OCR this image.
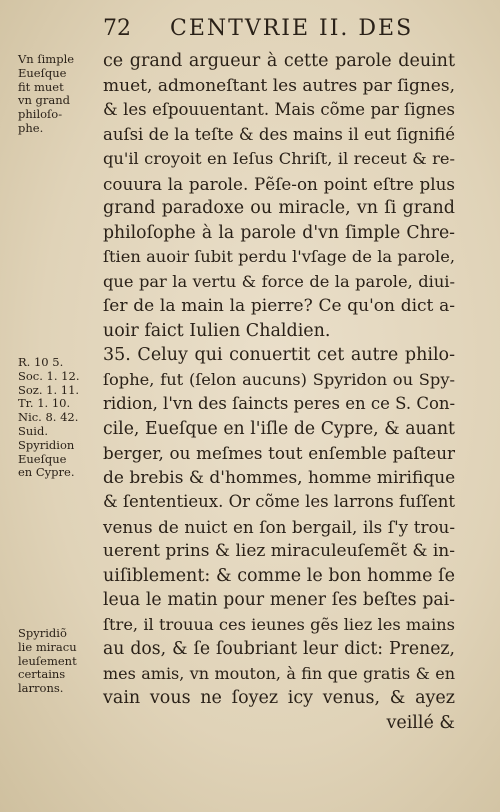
72 CENTVRIE II. DES
Vn ſimple
Eueſque
fit muet
vn grand
philoſo-
phe.
R. 10 5.
Soc. 1. 12.
Soz. 1. 11.
Tr. 1. 10.
Nic. 8. 42.
Suid.
Spyridion
Eueſque
en Cypre.
Spyridiõ
lie miracu
leuſement
certains
larrons.
ce grand argueur à cette parole deuint
muet, admoneſtant les autres par ſignes,
& les eſpouuentant. Mais cõme par ſignes
auſsi de la teſte & des mains il eut ſignifié
qu'il croyoit en Ieſus Chriſt, il receut & re-
couura la parole. Pẽſe-on point eſtre plus
grand paradoxe ou miracle, vn ſi grand
philoſophe à la parole d'vn ſimple Chre-
ſtien auoir ſubit perdu l'vſage de la parole,
que par la vertu & force de la parole, diui-
ſer de la main la pierre? Ce qu'on dict a-
uoir faict Iulien Chaldien.
35. Celuy qui conuertit cet autre philo-
ſophe, fut (ſelon aucuns) Spyridon ou Spy-
ridion, l'vn des ſaincts peres en ce S. Con-
cile, Eueſque en l'iſle de Cypre, & auant
berger, ou meſmes tout enſemble paſteur
de brebis & d'hommes, homme mirifique
& ſententieux. Or cõme les larrons fuſſent
venus de nuict en ſon bergail, ils ſ'y trou-
uerent prins & liez miraculeuſemẽt & in-
uiſiblement: & comme le bon homme ſe
leua le matin pour mener ſes beſtes pai-
ſtre, il trouua ces ieunes gẽs liez les mains
au dos, & ſe ſoubriant leur dict: Prenez,
mes amis, vn mouton, à fin que gratis & en
vain vous ne ſoyez icy venus, & ayez
veillé &
